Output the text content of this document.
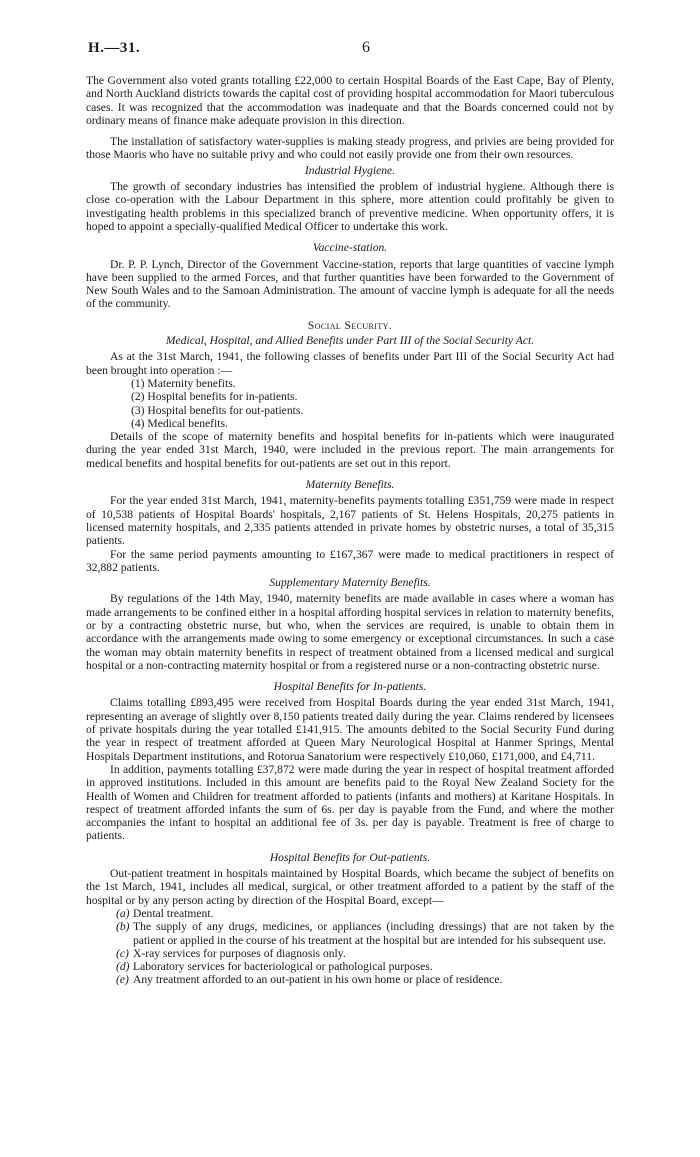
H.—31.	6

The Government also voted grants totalling £22,000 to certain Hospital Boards of the East Cape, Bay of Plenty, and North Auckland districts towards the capital cost of providing hospital accommodation for Maori tuberculous cases. It was recognized that the accommodation was inadequate and that the Boards concerned could not by ordinary means of finance make adequate provision in this direction.

The installation of satisfactory water-supplies is making steady progress, and privies are being provided for those Maoris who have no suitable privy and who could not easily provide one from their own resources.

Industrial Hygiene.

The growth of secondary industries has intensified the problem of industrial hygiene. Although there is close co-operation with the Labour Department in this sphere, more attention could profitably be given to investigating health problems in this specialized branch of preventive medicine. When opportunity offers, it is hoped to appoint a specially-qualified Medical Officer to undertake this work.

Vaccine-station.

Dr. P. P. Lynch, Director of the Government Vaccine-station, reports that large quantities of vaccine lymph have been supplied to the armed Forces, and that further quantities have been forwarded to the Government of New South Wales and to the Samoan Administration. The amount of vaccine lymph is adequate for all the needs of the community.

Social Security.
Medical, Hospital, and Allied Benefits under Part III of the Social Security Act.

As at the 31st March, 1941, the following classes of benefits under Part III of the Social Security Act had been brought into operation :—

(1) Maternity benefits.
(2) Hospital benefits for in-patients.
(3) Hospital benefits for out-patients.
(4) Medical benefits.

Details of the scope of maternity benefits and hospital benefits for in-patients which were inaugurated during the year ended 31st March, 1940, were included in the previous report. The main arrangements for medical benefits and hospital benefits for out-patients are set out in this report.

Maternity Benefits.

For the year ended 31st March, 1941, maternity-benefits payments totalling £351,759 were made in respect of 10,538 patients of Hospital Boards' hospitals, 2,167 patients of St. Helens Hospitals, 20,275 patients in licensed maternity hospitals, and 2,335 patients attended in private homes by obstetric nurses, a total of 35,315 patients.

For the same period payments amounting to £167,367 were made to medical practitioners in respect of 32,882 patients.

Supplementary Maternity Benefits.

By regulations of the 14th May, 1940, maternity benefits are made available in cases where a woman has made arrangements to be confined either in a hospital affording hospital services in relation to maternity benefits, or by a contracting obstetric nurse, but who, when the services are required, is unable to obtain them in accordance with the arrangements made owing to some emergency or exceptional circumstances. In such a case the woman may obtain maternity benefits in respect of treatment obtained from a licensed medical and surgical hospital or a non-contracting maternity hospital or from a registered nurse or a non-contracting obstetric nurse.

Hospital Benefits for In-patients.

Claims totalling £893,495 were received from Hospital Boards during the year ended 31st March, 1941, representing an average of slightly over 8,150 patients treated daily during the year. Claims rendered by licensees of private hospitals during the year totalled £141,915. The amounts debited to the Social Security Fund during the year in respect of treatment afforded at Queen Mary Neurological Hospital at Hanmer Springs, Mental Hospitals Department institutions, and Rotorua Sanatorium were respectively £10,060, £171,000, and £4,711.

In addition, payments totalling £37,872 were made during the year in respect of hospital treatment afforded in approved institutions. Included in this amount are benefits paid to the Royal New Zealand Society for the Health of Women and Children for treatment afforded to patients (infants and mothers) at Karitane Hospitals. In respect of treatment afforded infants the sum of 6s. per day is payable from the Fund, and where the mother accompanies the infant to hospital an additional fee of 3s. per day is payable. Treatment is free of charge to patients.

Hospital Benefits for Out-patients.

Out-patient treatment in hospitals maintained by Hospital Boards, which became the subject of benefits on the 1st March, 1941, includes all medical, surgical, or other treatment afforded to a patient by the staff of the hospital or by any person acting by direction of the Hospital Board, except—

(a) Dental treatment.
(b) The supply of any drugs, medicines, or appliances (including dressings) that are not taken by the patient or applied in the course of his treatment at the hospital but are intended for his subsequent use.
(c) X-ray services for purposes of diagnosis only.
(d) Laboratory services for bacteriological or pathological purposes.
(e) Any treatment afforded to an out-patient in his own home or place of residence.
